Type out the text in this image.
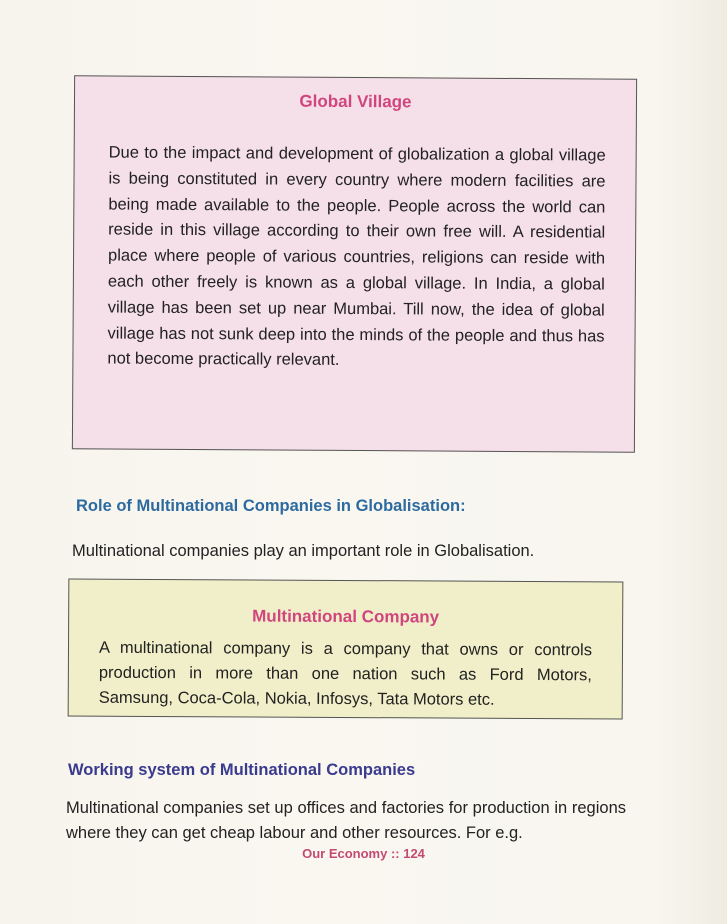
Global Village
Due to the impact and development of globalization a global village is being constituted in every country where modern facilities are being made available to the people. People across the world can reside in this village according to their own free will. A residential place where people of various countries, religions can reside with each other freely is known as a global village. In India, a global village has been set up near Mumbai. Till now, the idea of global village has not sunk deep into the minds of the people and thus has not become practically relevant.
Role of Multinational Companies in Globalisation:
Multinational companies play an important role in Globalisation.
Multinational Company
A multinational company is a company that owns or controls production in more than one nation such as Ford Motors, Samsung, Coca-Cola, Nokia, Infosys, Tata Motors etc.
Working system of Multinational Companies
Multinational companies set up offices and factories for production in regions where they can get cheap labour and other resources. For e.g.
Our Economy :: 124
